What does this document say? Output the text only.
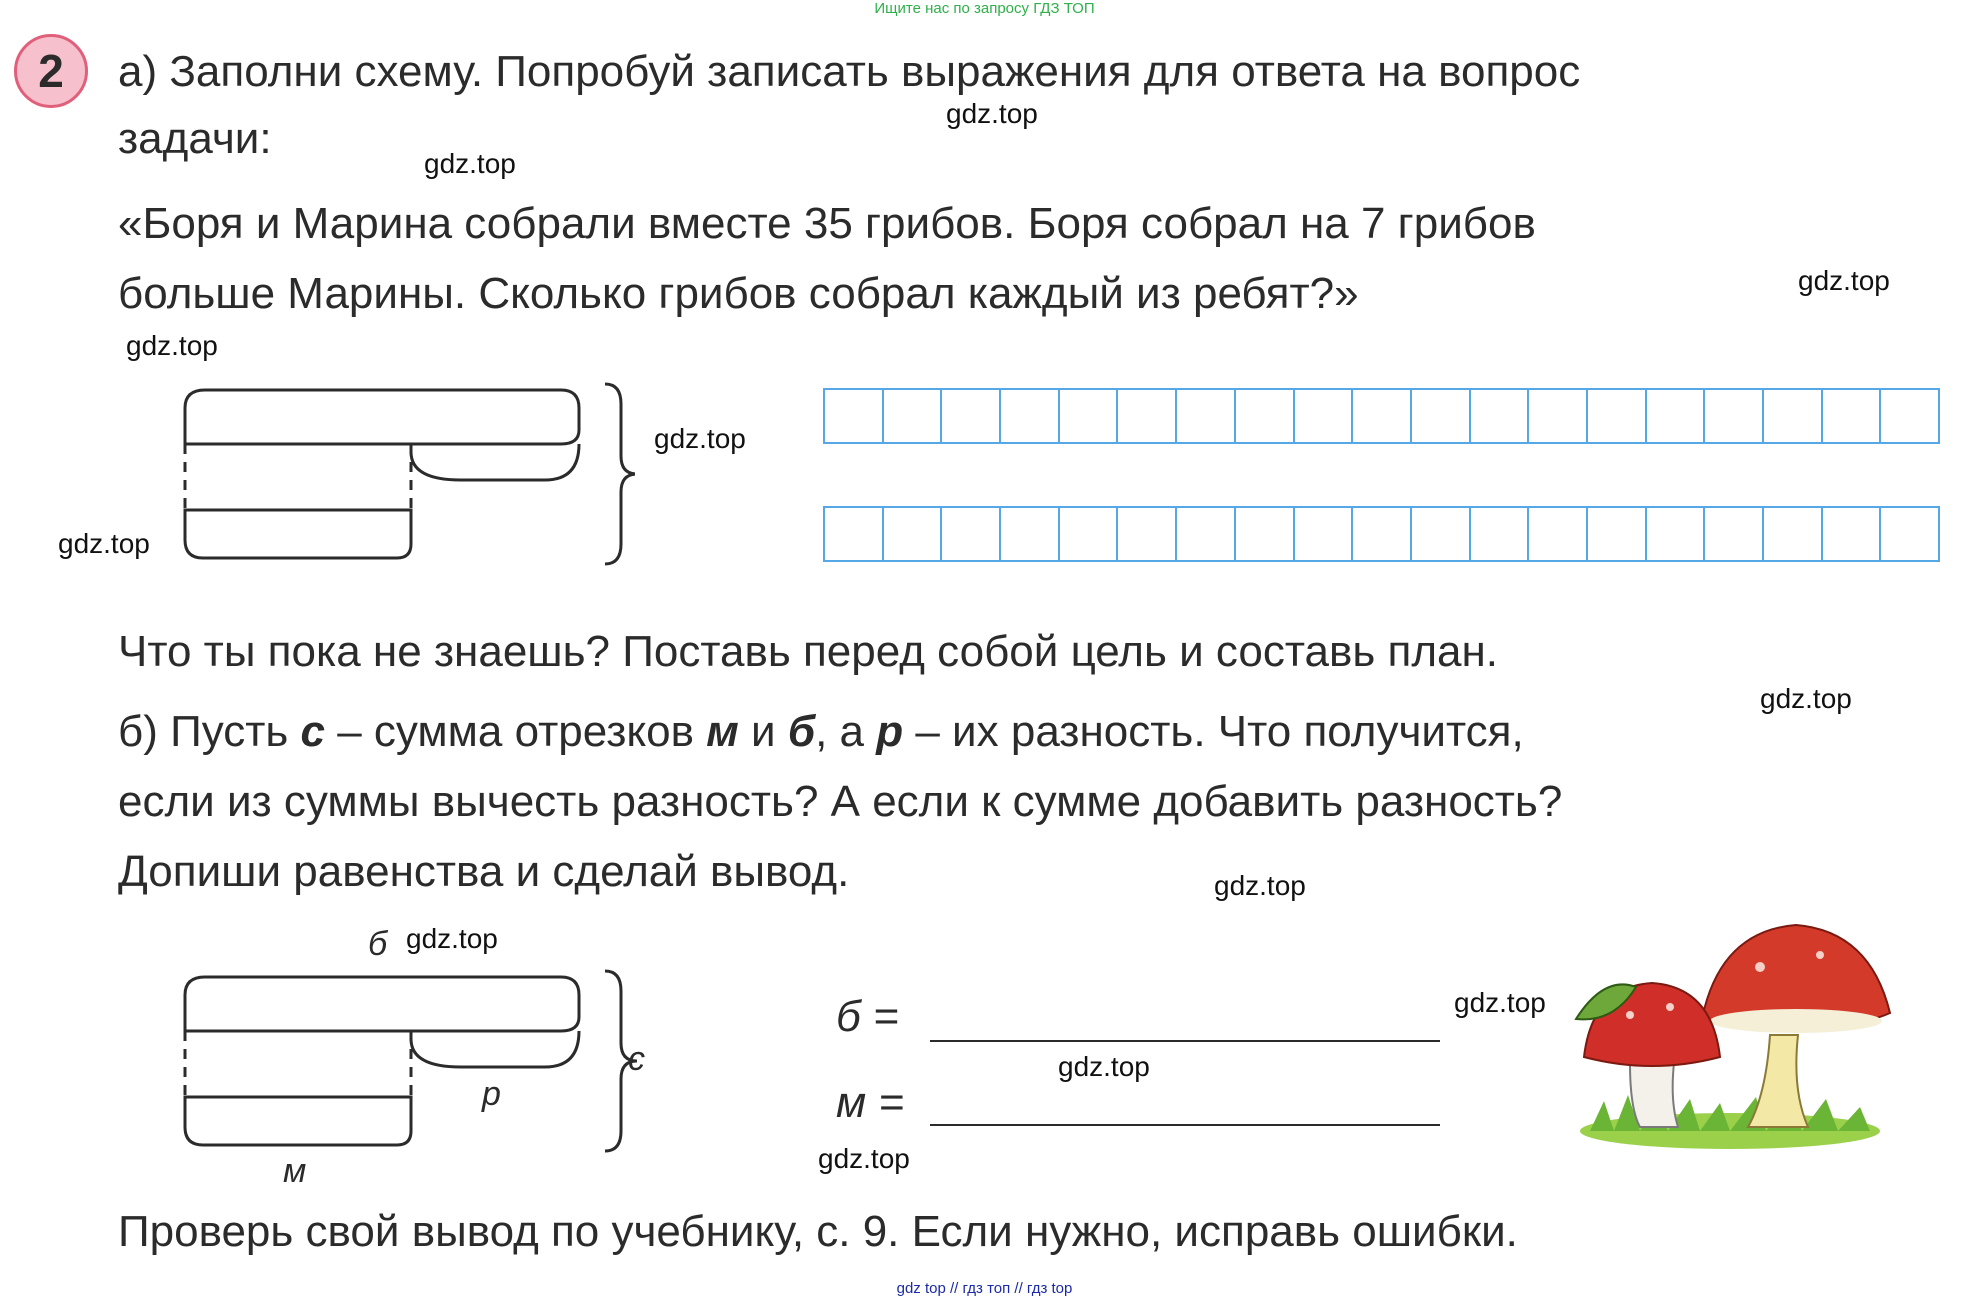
Ищите нас по запросу ГДЗ ТОП
2 а) Заполни схему. Попробуй записать выражения для ответа на вопрос
задачи:
«Боря и Марина собрали вместе 35 грибов. Боря собрал на 7 грибов
больше Марины. Сколько грибов собрал каждый из ребят?»
Что ты пока не знаешь? Поставь перед собой цель и составь план.
б) Пусть с – сумма отрезков м и б, а р – их разность. Что получится,
если из суммы вычесть разность? А если к сумме добавить разность?
Допиши равенства и сделай вывод.
б
с
р
м
б =
м =
Проверь свой вывод по учебнику, с. 9. Если нужно, исправь ошибки.
gdz.top
gdz.top
gdz.top
gdz.top
gdz.top
gdz.top
gdz.top
gdz.top
gdz.top
gdz.top
gdz.top
gdz.top
gdz top // гдз топ // гдз top
